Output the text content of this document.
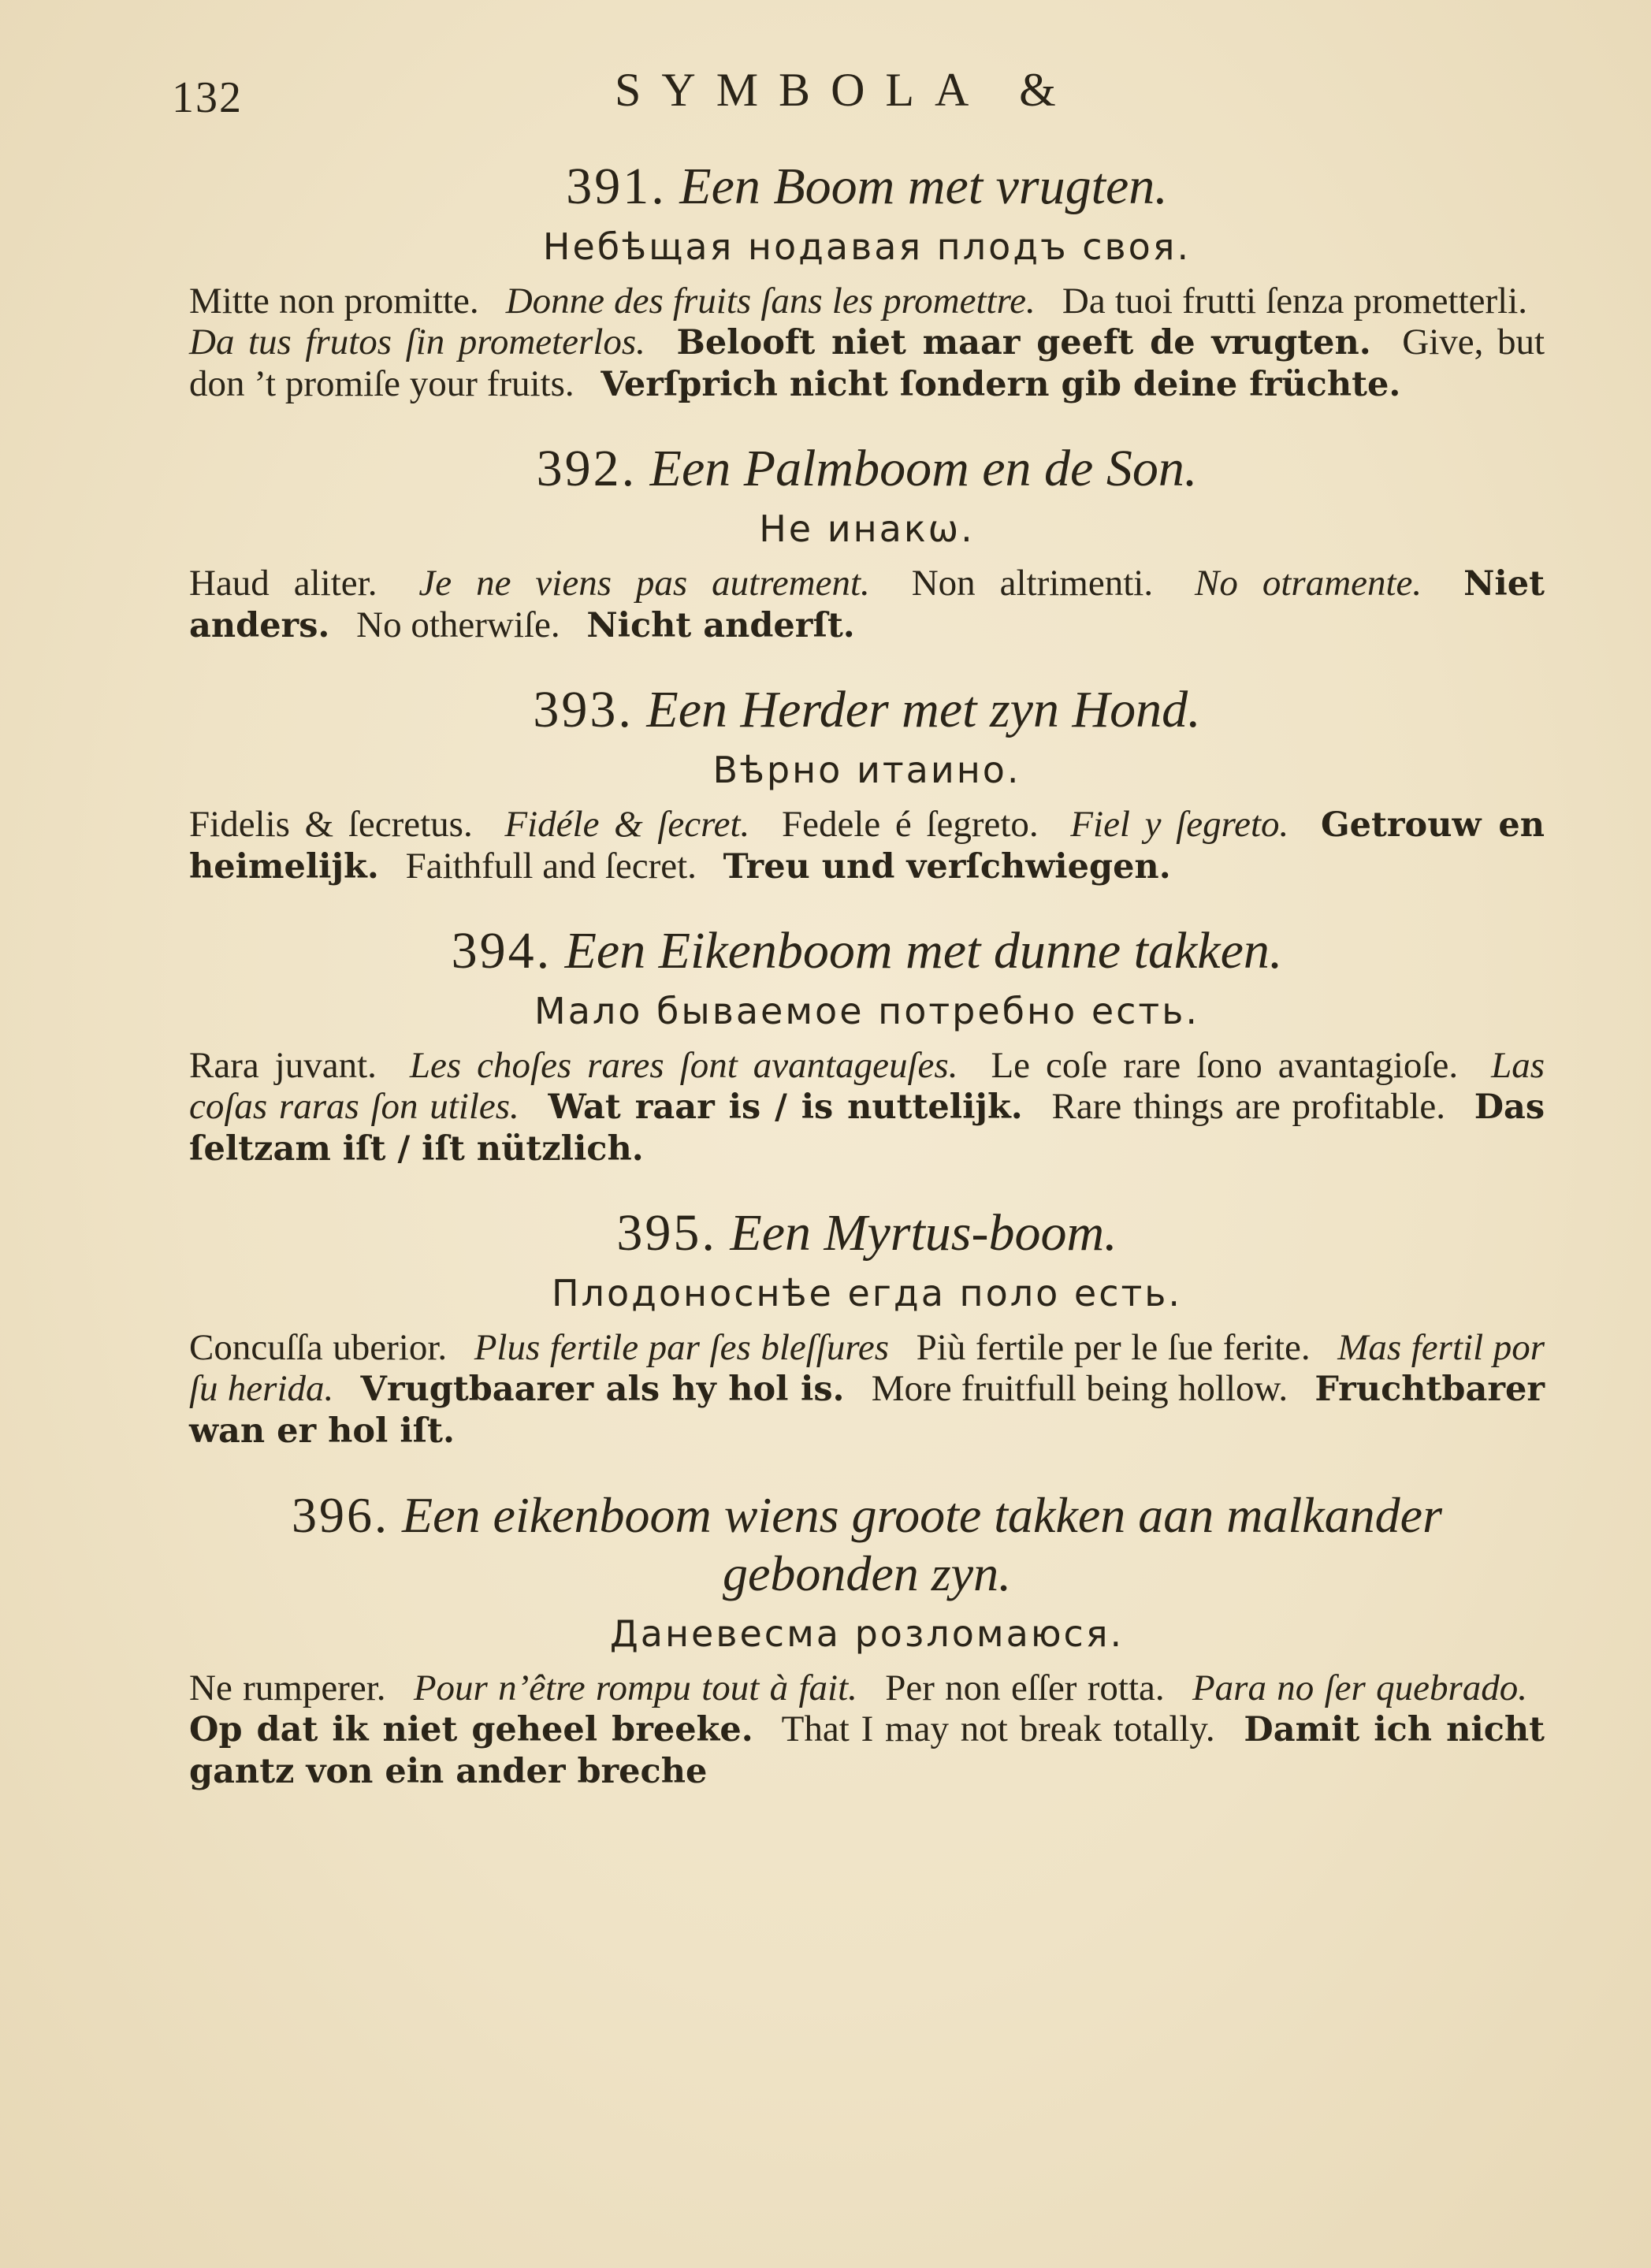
132	SYMBOLA &
391. Een Boom met vrugten.
Небѣщая нодавая плодъ своя.
Mitte non promitte. Donne des fruits ſans les promettre. Da tuoi frutti ſenza prometterli. Da tus frutos ſin prometerlos. Belooft niet maar geeft de vrugten. Give, but don ’t promiſe your fruits. Verſprich nicht ſondern gib deine früchte.
392. Een Palmboom en de Son.
Не инакω.
Haud aliter. Je ne viens pas autrement. Non altrimenti. No otramente. Niet anders. No otherwiſe. Nicht anderſt.
393. Een Herder met zyn Hond.
Вѣрно итаино.
Fidelis & ſecretus. Fidéle & ſecret. Fedele é ſegreto. Fiel y ſegreto. Getrouw en heimelijk. Faithfull and ſecret. Treu und verſchwiegen.
394. Een Eikenboom met dunne takken.
Мало бываемое потребно есть.
Rara juvant. Les choſes rares ſont avantageuſes. Le coſe rare ſono avantagioſe. Las coſas raras ſon utiles. Wat raar is / is nuttelijk. Rare things are profitable. Das ſeltzam iſt / iſt nützlich.
395. Een Myrtus-boom.
Плодоноснѣе егда поло есть.
Concuſſa uberior. Plus fertile par ſes bleſſures Più fertile per le ſue ferite. Mas fertil por ſu herida. Vrugtbaarer als hy hol is. More fruitfull being hollow. Fruchtbarer wan er hol iſt.
396. Een eikenboom wiens groote takken aan malkander gebonden zyn.
Даневесма розломаюся.
Ne rumperer. Pour n’être rompu tout à fait. Per non eſſer rotta. Para no ſer quebrado. Op dat ik niet geheel breeke. That I may not break totally. Damit ich nicht gantz von ein ander breche
